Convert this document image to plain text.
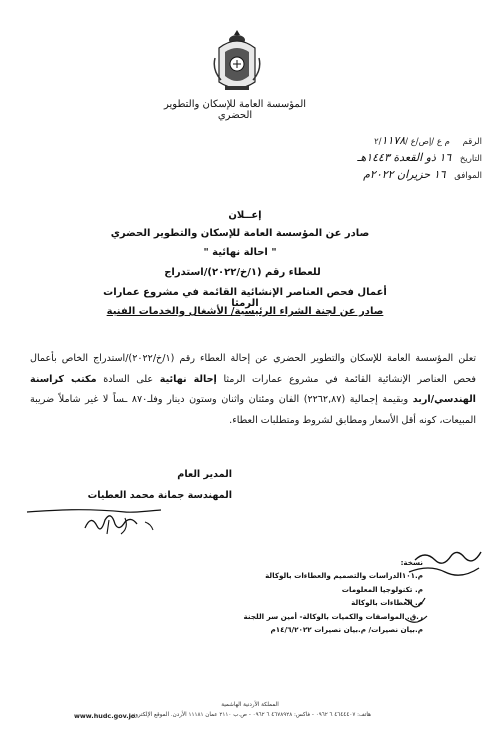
المؤسسة العامة للإسكان والتطوير الحضري
الرقم م ع /إص/ع /٢/١١٧٨
التاريخ ١٦ ذو القعدة ١٤٤٣هـ
الموافق ١٦ حزيران ٢٠٢٢م
إعــلان
صادر عن المؤسسة العامة للإسكان والتطوير الحضري
" احالة نهائية "
للعطاء رقم (١/خ/٢٠٢٢)/استدراج
أعمال فحص العناصر الإنشائية القائمة في مشروع عمارات الرمثا
صادر عن لجنة الشراء الرئيسية/ الأشغال والخدمات الفنية
تعلن المؤسسة العامة للإسكان والتطوير الحضري عن إحالة العطاء رقم (١/خ/٢٠٢٢)/استدراج الخاص بأعمال فحص العناصر الإنشائية القائمة في مشروع عمارات الرمثا إحالة نهائية على السادة مكتب كراسنة الهندسي/اربد وبقيمة إجمالية (٢٢٦٢,٨٧) الفان ومئتان واثنان وستون دينار وفلـ٨٧٠ ـساً لا غير شاملاً ضريبة المبيعات، كونه أقل الأسعار ومطابق لشروط ومتطلبات العطاء.
المدير العام
المهندسة جمانة محمد العطيات
نسخة:
م.١٠١الدراسات والتصميم والعطاءات بالوكالة
م. تكنولوجيا المعلومات
م. العطاءات بالوكالة
ر.ق. المواصفات والكميات بالوكالة- أمين سر اللجنة
م.بيان نصيرات/ م.بيان نصيرات ١٤/٦/٢٠٢٢م
المملكة الأردنية الهاشمية
هاتف: ٤٦٤٤٤٠٧ ٦ ٠٩٦٢ - فاكس: ٤٦٧٨٩٢٨ ٦ ٠٩٦٢ - ص.ب ٢١١٠ عمان ١١١٨١ الأردن. الموقع الإلكتروني
www.hudc.gov.jo
